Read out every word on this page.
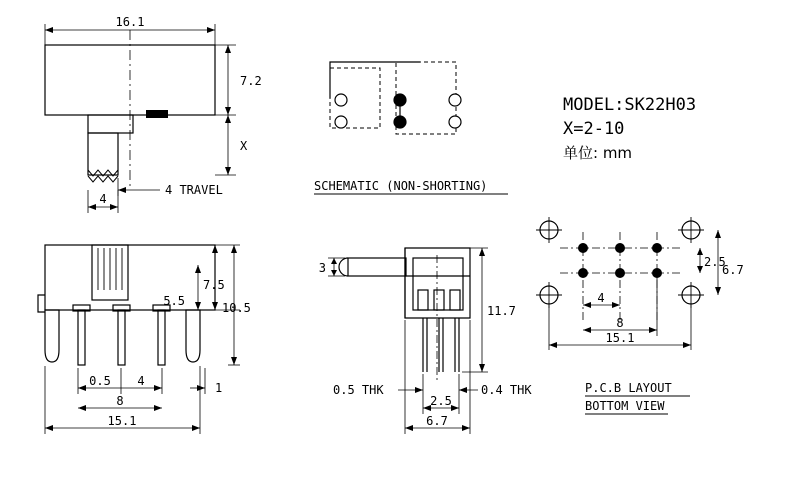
16.1
7.2
X
4 TRAVEL
4
SCHEMATIC (NON-SHORTING)
MODEL:SK22H03
X=2-10
单位: mm
5.5
7.5
10.5
0.5 4	1
8
15.1
3
11.7
0.5 THK	0.4 THK
2.5
6.7
2.5
6.7
4
8
15.1
P.C.B LAYOUT
BOTTOM VIEW
